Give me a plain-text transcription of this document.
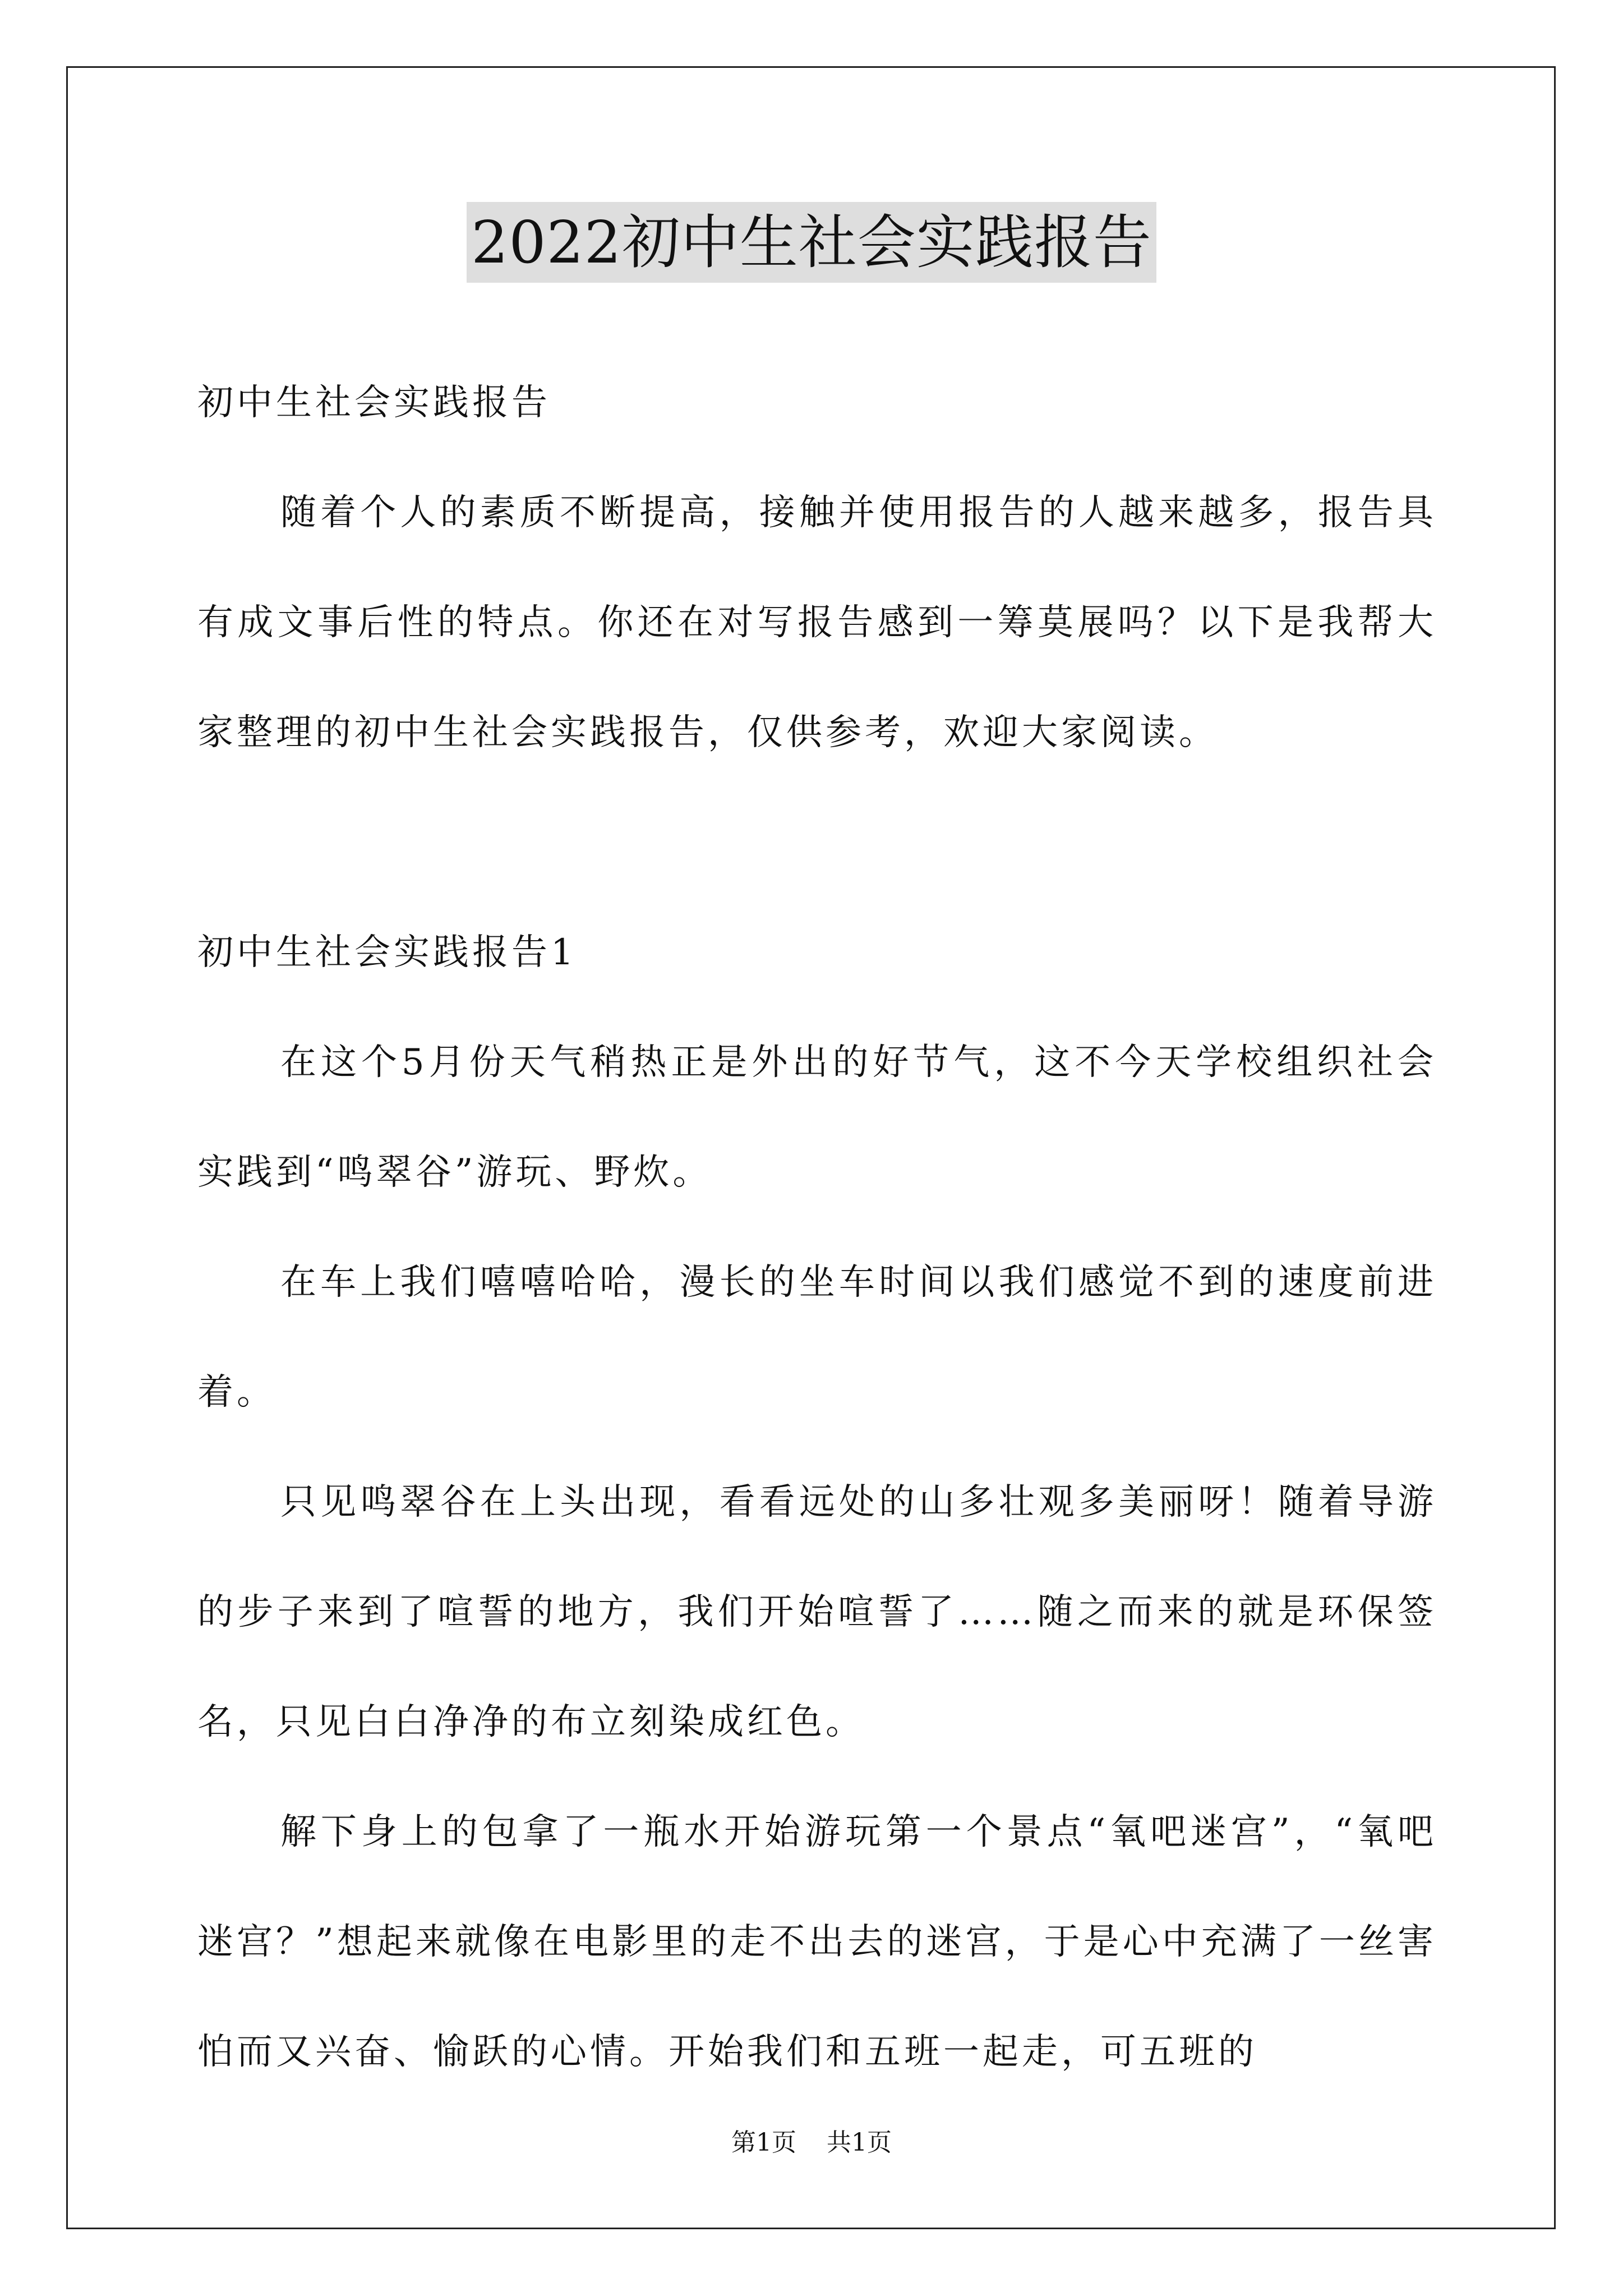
2022初中生社会实践报告

初中生社会实践报告

随着个人的素质不断提高，接触并使用报告的人越来越多，报告具有成文事后性的特点。你还在对写报告感到一筹莫展吗？以下是我帮大家整理的初中生社会实践报告，仅供参考，欢迎大家阅读。

初中生社会实践报告1

在这个5月份天气稍热正是外出的好节气，这不今天学校组织社会实践到“鸣翠谷”游玩、野炊。

在车上我们嘻嘻哈哈，漫长的坐车时间以我们感觉不到的速度前进着。

只见鸣翠谷在上头出现，看看远处的山多壮观多美丽呀！随着导游的步子来到了喧誓的地方，我们开始喧誓了……随之而来的就是环保签名，只见白白净净的布立刻染成红色。

解下身上的包拿了一瓶水开始游玩第一个景点“氧吧迷宫”，“氧吧迷宫？”想起来就像在电影里的走不出去的迷宫，于是心中充满了一丝害怕而又兴奋、愉跃的心情。开始我们和五班一起走，可五班的

第1页 共1页
